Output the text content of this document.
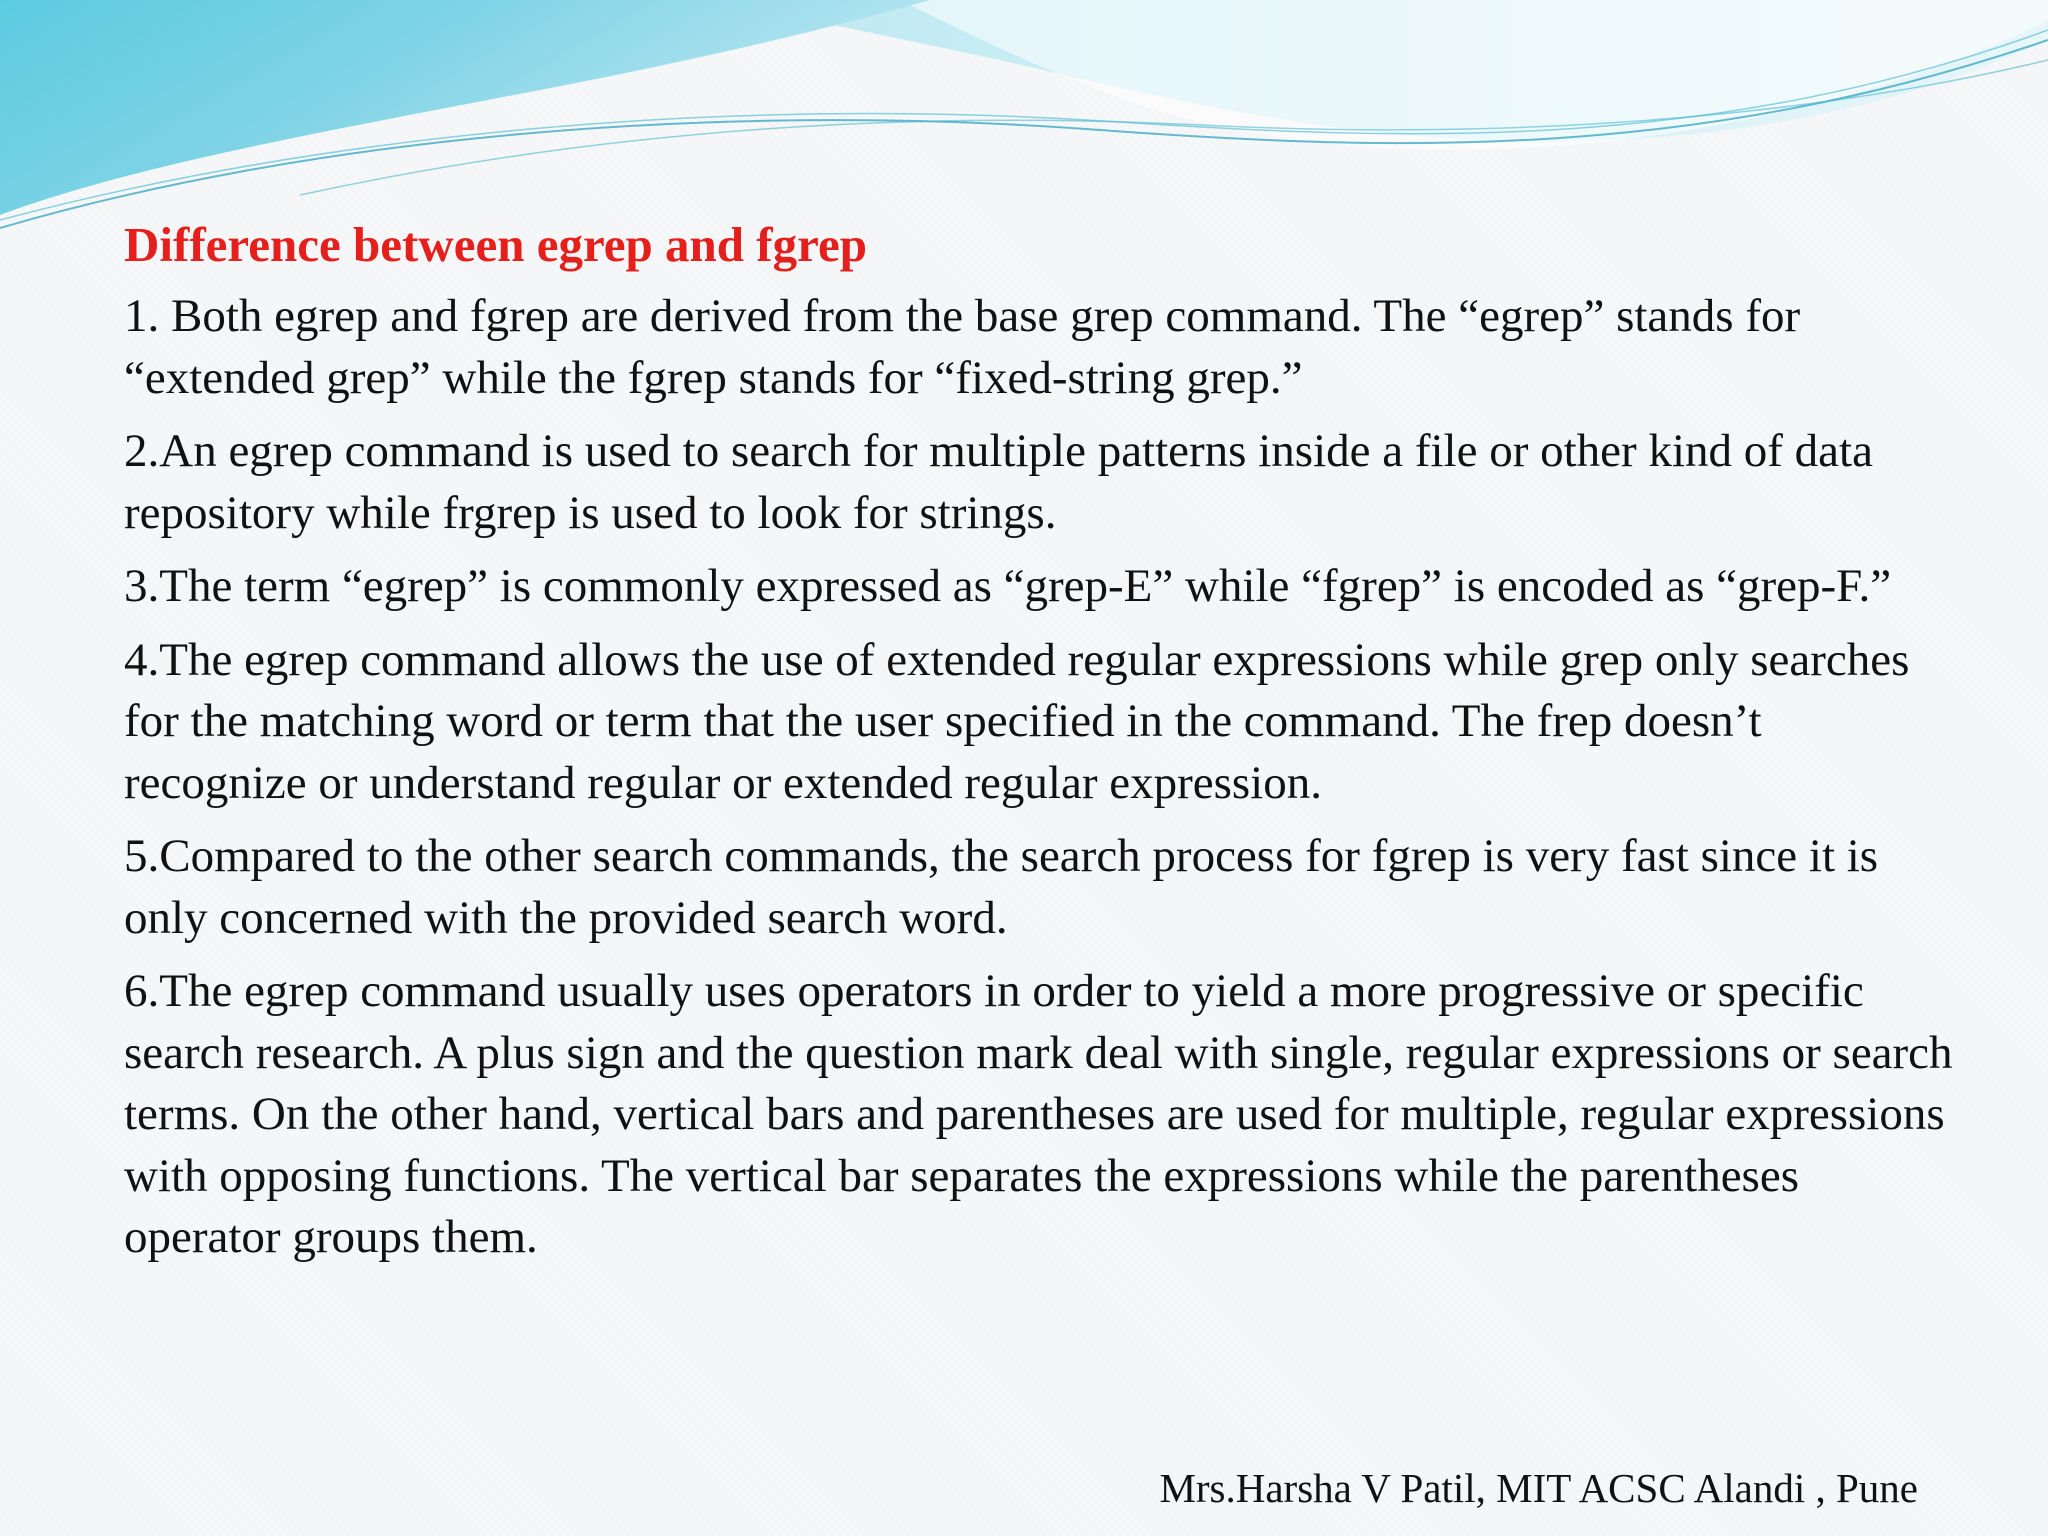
Difference between egrep and fgrep

1. Both egrep and fgrep are derived from the base grep command. The “egrep” stands for “extended grep” while the fgrep stands for “fixed-string grep.”

2.An egrep command is used to search for multiple patterns inside a file or other kind of data repository while frgrep is used to look for strings.

3.The term “egrep” is commonly expressed as “grep-E” while “fgrep” is encoded as “grep-F.”

4.The egrep command allows the use of extended regular expressions while grep only searches for the matching word or term that the user specified in the command. The frep doesn’t recognize or understand regular or extended regular expression.

5.Compared to the other search commands, the search process for fgrep is very fast since it is only concerned with the provided search word.

6.The egrep command usually uses operators in order to yield a more progressive or specific search research. A plus sign and the question mark deal with single, regular expressions or search terms. On the other hand, vertical bars and parentheses are used for multiple, regular expressions with opposing functions. The vertical bar separates the expressions while the parentheses operator groups them.

Mrs.Harsha V Patil, MIT ACSC Alandi , Pune
